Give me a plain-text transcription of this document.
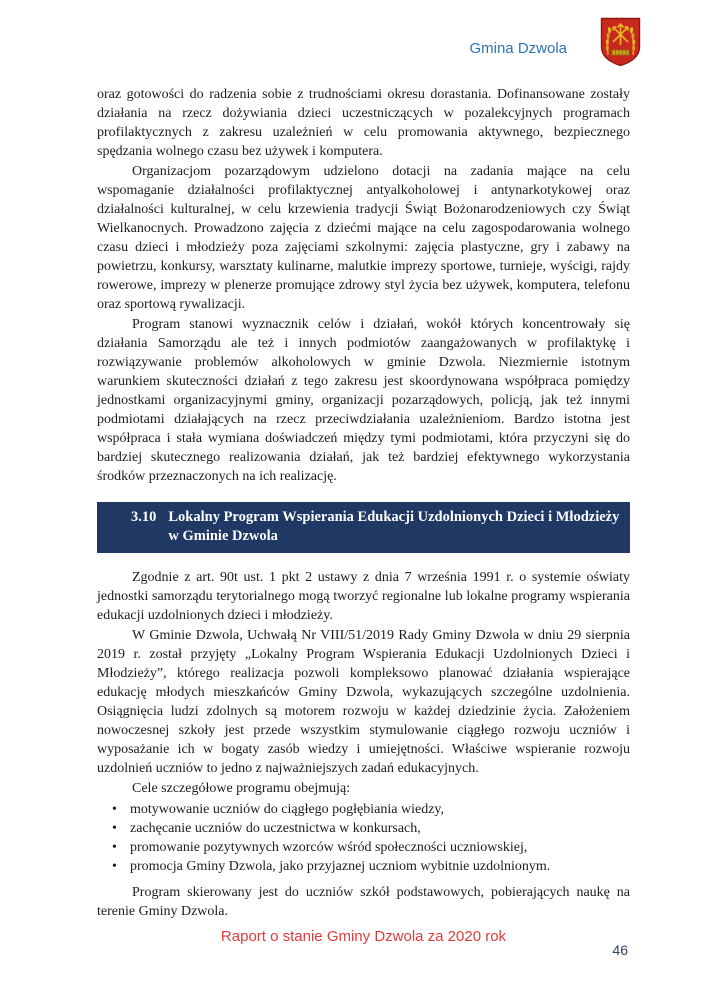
Gmina Dzwola

oraz gotowości do radzenia sobie z trudnościami okresu dorastania. Dofinansowane zostały działania na rzecz dożywiania dzieci uczestniczących w pozalekcyjnych programach profilaktycznych z zakresu uzależnień w celu promowania aktywnego, bezpiecznego spędzania wolnego czasu bez używek i komputera.

Organizacjom pozarządowym udzielono dotacji na zadania mające na celu wspomaganie działalności profilaktycznej antyalkoholowej i antynarkotykowej oraz działalności kulturalnej, w celu krzewienia tradycji Świąt Bożonarodzeniowych czy Świąt Wielkanocnych. Prowadzono zajęcia z dziećmi mające na celu zagospodarowania wolnego czasu dzieci i młodzieży poza zajęciami szkolnymi: zajęcia plastyczne, gry i zabawy na powietrzu, konkursy, warsztaty kulinarne, malutkie imprezy sportowe, turnieje, wyścigi, rajdy rowerowe, imprezy w plenerze promujące zdrowy styl życia bez używek, komputera, telefonu oraz sportową rywalizacji.

Program stanowi wyznacznik celów i działań, wokół których koncentrowały się działania Samorządu ale też i innych podmiotów zaangażowanych w profilaktykę i rozwiązywanie problemów alkoholowych w gminie Dzwola. Niezmiernie istotnym warunkiem skuteczności działań z tego zakresu jest skoordynowana współpraca pomiędzy jednostkami organizacyjnymi gminy, organizacji pozarządowych, policją, jak też innymi podmiotami działających na rzecz przeciwdziałania uzależnieniom. Bardzo istotna jest współpraca i stała wymiana doświadczeń między tymi podmiotami, która przyczyni się do bardziej skutecznego realizowania działań, jak też bardziej efektywnego wykorzystania środków przeznaczonych na ich realizację.

3.10 Lokalny Program Wspierania Edukacji Uzdolnionych Dzieci i Młodzieży
w Gminie Dzwola

Zgodnie z art. 90t ust. 1 pkt 2 ustawy z dnia 7 września 1991 r. o systemie oświaty jednostki samorządu terytorialnego mogą tworzyć regionalne lub lokalne programy wspierania edukacji uzdolnionych dzieci i młodzieży.

W Gminie Dzwola, Uchwałą Nr VIII/51/2019 Rady Gminy Dzwola w dniu 29 sierpnia 2019 r. został przyjęty „Lokalny Program Wspierania Edukacji Uzdolnionych Dzieci i Młodzieży”, którego realizacja pozwoli kompleksowo planować działania wspierające edukację młodych mieszkańców Gminy Dzwola, wykazujących szczególne uzdolnienia. Osiągnięcia ludzi zdolnych są motorem rozwoju w każdej dziedzinie życia. Założeniem nowoczesnej szkoły jest przede wszystkim stymulowanie ciągłego rozwoju uczniów i wyposażanie ich w bogaty zasób wiedzy i umiejętności. Właściwe wspieranie rozwoju uzdolnień uczniów to jedno z najważniejszych zadań edukacyjnych.

Cele szczegółowe programu obejmują:

• motywowanie uczniów do ciągłego pogłębiania wiedzy,
• zachęcanie uczniów do uczestnictwa w konkursach,
• promowanie pozytywnych wzorców wśród społeczności uczniowskiej,
• promocja Gminy Dzwola, jako przyjaznej uczniom wybitnie uzdolnionym.

Program skierowany jest do uczniów szkół podstawowych, pobierających naukę na terenie Gminy Dzwola.

Raport o stanie Gminy Dzwola za 2020 rok
46
